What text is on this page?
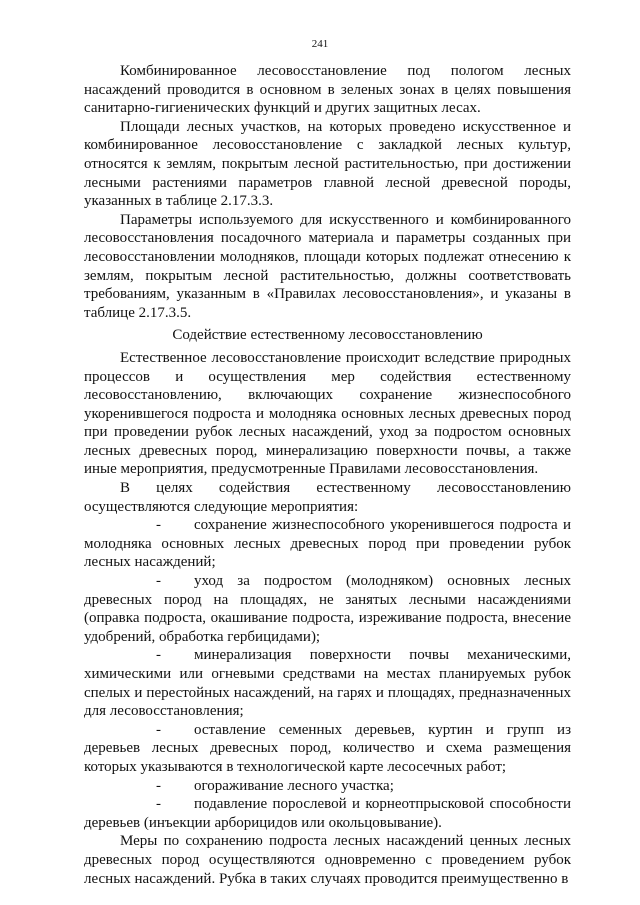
241

Комбинированное лесовосстановление под пологом лесных насаждений проводится в основном в зеленых зонах в целях повышения санитарно-гигиенических функций и других защитных лесах.

Площади лесных участков, на которых проведено искусственное и комбинированное лесовосстановление с закладкой лесных культур, относятся к землям, покрытым лесной растительностью, при достижении лесными растениями параметров главной лесной древесной породы, указанных в таблице 2.17.3.3.

Параметры используемого для искусственного и комбинированного лесовосстановления посадочного материала и параметры созданных при лесовосстановлении молодняков, площади которых подлежат отнесению к землям, покрытым лесной растительностью, должны соответствовать требованиям, указанным в «Правилах лесовосстановления», и указаны в таблице 2.17.3.5.

Содействие естественному лесовосстановлению

Естественное лесовосстановление происходит вследствие природных процессов и осуществления мер содействия естественному лесовосстановлению, включающих сохранение жизнеспособного укоренившегося подроста и молодняка основных лесных древесных пород при проведении рубок лесных насаждений, уход за подростом основных лесных древесных пород, минерализацию поверхности почвы, а также иные мероприятия, предусмотренные Правилами лесовосстановления.

В целях содействия естественному лесовосстановлению осуществляются следующие мероприятия:

- сохранение жизнеспособного укоренившегося подроста и молодняка основных лесных древесных пород при проведении рубок лесных насаждений;

- уход за подростом (молодняком) основных лесных древесных пород на площадях, не занятых лесными насаждениями (оправка подроста, окашивание подроста, изреживание подроста, внесение удобрений, обработка гербицидами);

- минерализация поверхности почвы механическими, химическими или огневыми средствами на местах планируемых рубок спелых и перестойных насаждений, на гарях и площадях, предназначенных для лесовосстановления;

- оставление семенных деревьев, куртин и групп из деревьев лесных древесных пород, количество и схема размещения которых указываются в технологической карте лесосечных работ;

- огораживание лесного участка;

- подавление порослевой и корнеотпрысковой способности деревьев (инъекции арборицидов или окольцовывание).

Меры по сохранению подроста лесных насаждений ценных лесных древесных пород осуществляются одновременно с проведением рубок лесных насаждений. Рубка в таких случаях проводится преимущественно в
